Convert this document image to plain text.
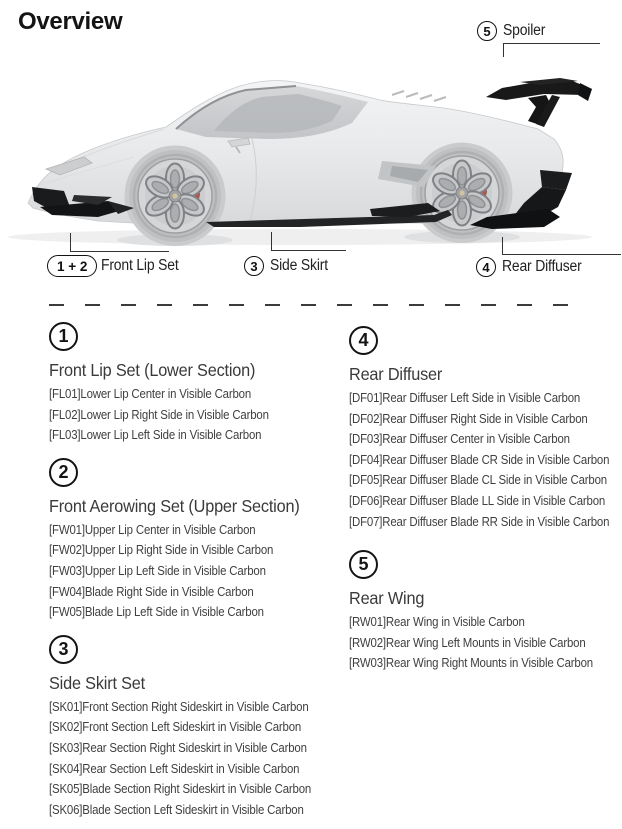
Overview	5 Spoiler
1 + 2 Front Lip Set	3 Side Skirt	4 Rear Diffuser
1
Front Lip Set (Lower Section)
[FL01]Lower Lip Center in Visible Carbon
[FL02]Lower Lip Right Side in Visible Carbon
[FL03]Lower Lip Left Side in Visible Carbon
2
Front Aerowing Set (Upper Section)
[FW01]Upper Lip Center in Visible Carbon
[FW02]Upper Lip Right Side in Visible Carbon
[FW03]Upper Lip Left Side in Visible Carbon
[FW04]Blade Right Side in Visible Carbon
[FW05]Blade Lip Left Side in Visible Carbon
3
Side Skirt Set
[SK01]Front Section Right Sideskirt in Visible Carbon
[SK02]Front Section Left Sideskirt in Visible Carbon
[SK03]Rear Section Right Sideskirt in Visible Carbon
[SK04]Rear Section Left Sideskirt in Visible Carbon
[SK05]Blade Section Right Sideskirt in Visible Carbon
[SK06]Blade Section Left Sideskirt in Visible Carbon
4
Rear Diffuser
[DF01]Rear Diffuser Left Side in Visible Carbon
[DF02]Rear Diffuser Right Side in Visible Carbon
[DF03]Rear Diffuser Center in Visible Carbon
[DF04]Rear Diffuser Blade CR Side in Visible Carbon
[DF05]Rear Diffuser Blade CL Side in Visible Carbon
[DF06]Rear Diffuser Blade LL Side in Visible Carbon
[DF07]Rear Diffuser Blade RR Side in Visible Carbon
5
Rear Wing
[RW01]Rear Wing in Visible Carbon
[RW02]Rear Wing Left Mounts in Visible Carbon
[RW03]Rear Wing Right Mounts in Visible Carbon
